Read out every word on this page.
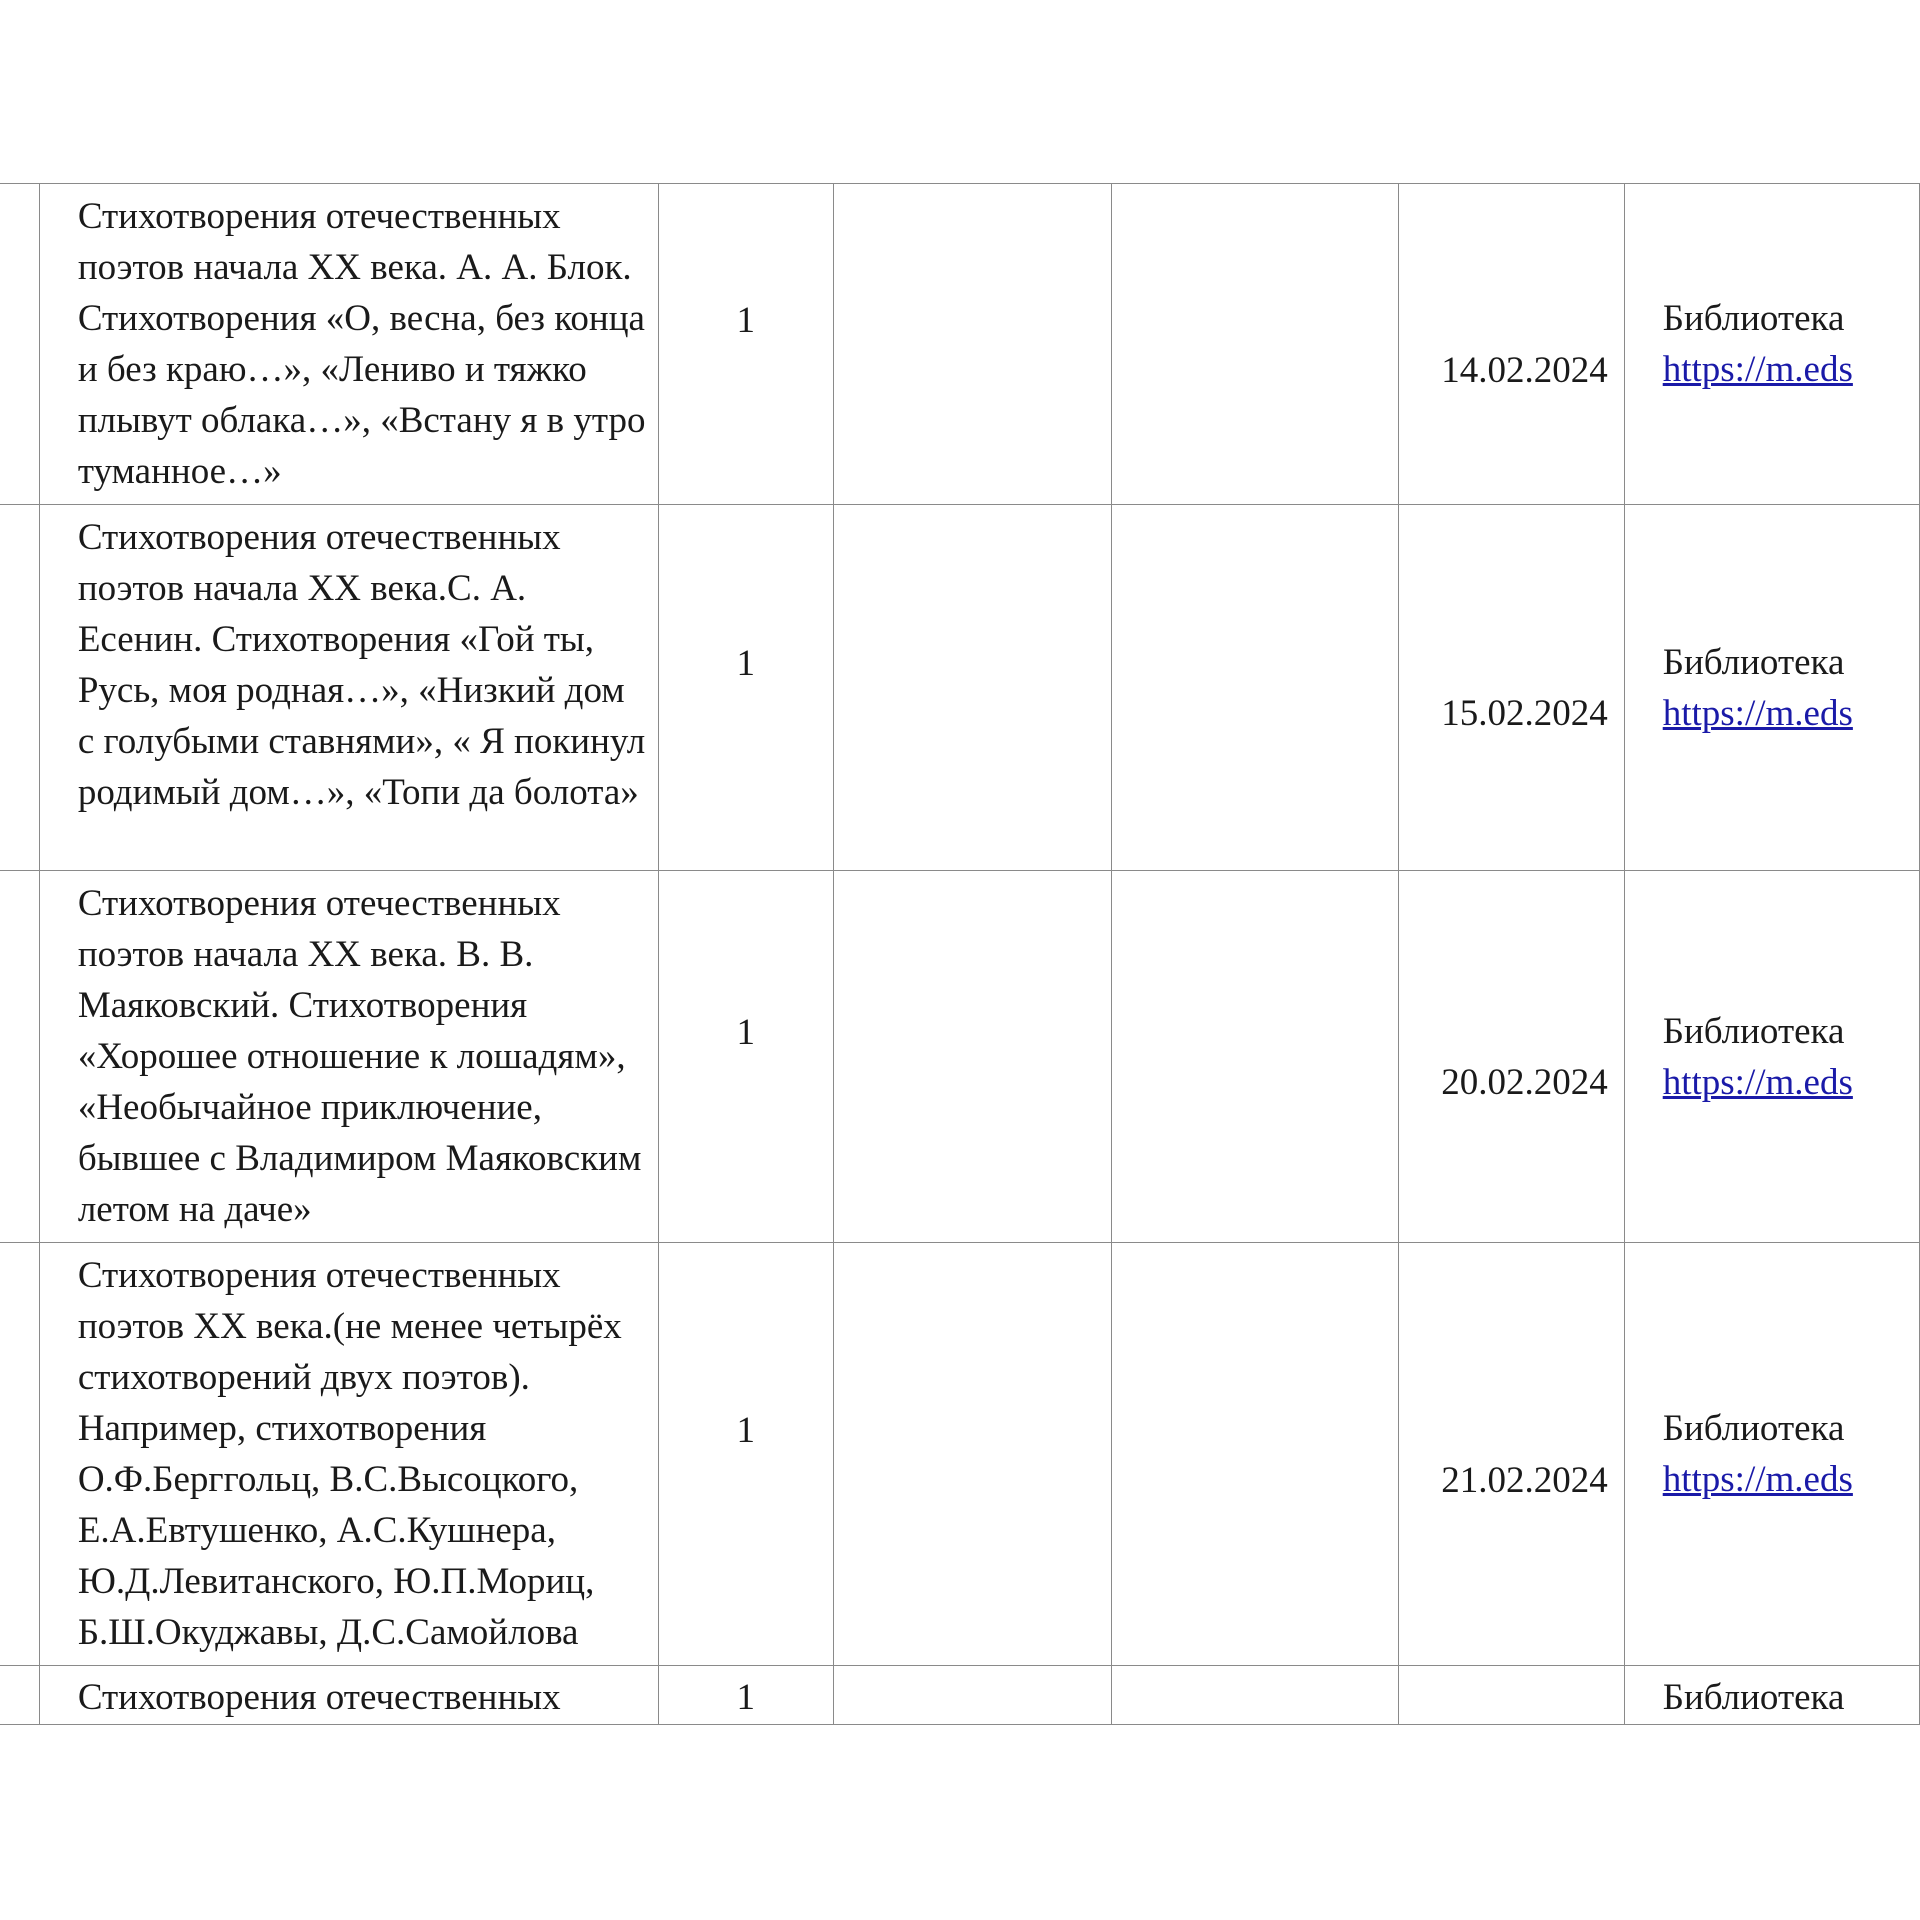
	Стихотворения отечественных поэтов начала XX века. А. А. Блок. Стихотворения «О, весна, без конца и без краю…», «Лениво и тяжко плывут облака…», «Встану я в утро туманное…»	1			14.02.2024	Библиотека
https://m.eds

	Стихотворения отечественных поэтов начала XX века.С. А. Есенин. Стихотворения «Гой ты, Русь, моя родная…», «Низкий дом с голубыми ставнями», « Я покинул родимый дом…», «Топи да болота»	1			15.02.2024	Библиотека
https://m.eds

	Стихотворения отечественных поэтов начала XX века. В. В. Маяковский. Стихотворения «Хорошее отношение к лошадям», «Необычайное приключение, бывшее с Владимиром Маяковским летом на даче»	1			20.02.2024	Библиотека
https://m.eds

	Стихотворения отечественных поэтов XX века.(не менее четырёх стихотворений двух поэтов). Например, стихотворения О.Ф.Берггольц, В.С.Высоцкого, Е.А.Евтушенко, А.С.Кушнера, Ю.Д.Левитанского, Ю.П.Мориц, Б.Ш.Окуджавы, Д.С.Самойлова	1			21.02.2024	Библиотека
https://m.eds

	Стихотворения отечественных	1				Библиотека
